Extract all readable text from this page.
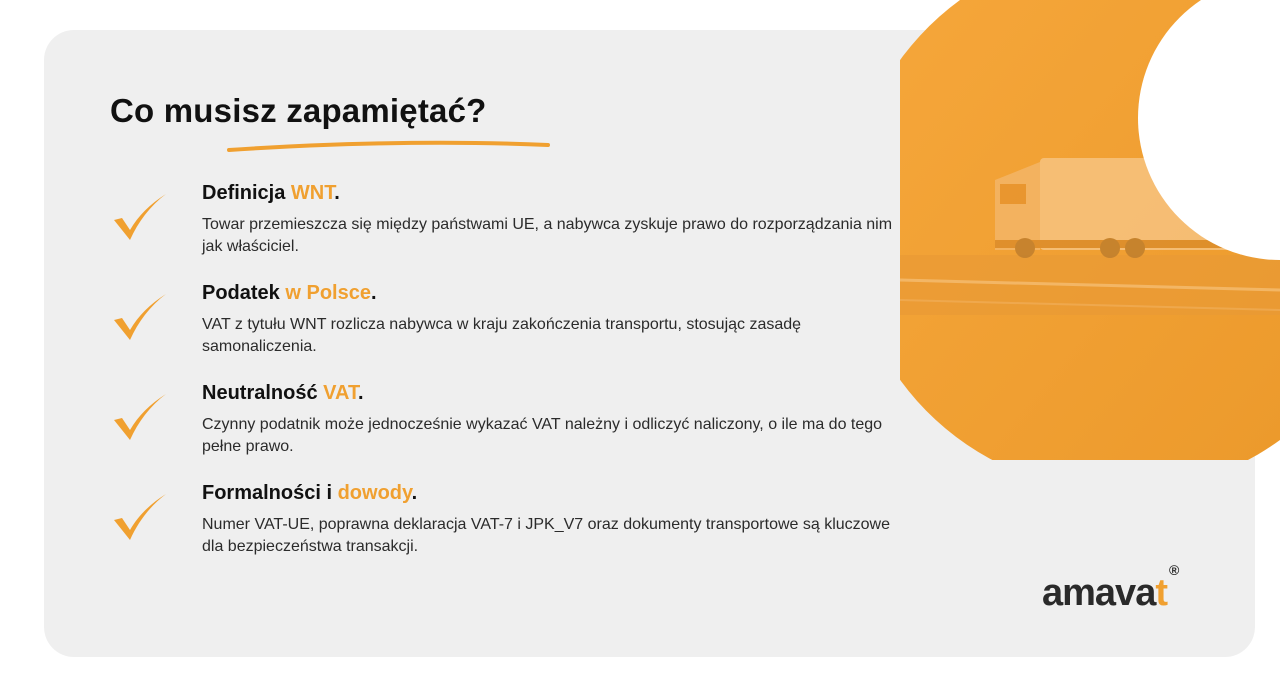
Co musisz zapamiętać?
Definicja WNT.

Towar przemieszcza się między państwami UE, a nabywca zyskuje prawo do rozporządzania nim jak właściciel.

Podatek w Polsce.

VAT z tytułu WNT rozlicza nabywca w kraju zakończenia transportu, stosując zasadę samonaliczenia.

Neutralność VAT.

Czynny podatnik może jednocześnie wykazać VAT należny i odliczyć naliczony, o ile ma do tego pełne prawo.

Formalności i dowody.

Numer VAT-UE, poprawna deklaracja VAT-7 i JPK_V7 oraz dokumenty transportowe są kluczowe dla bezpieczeństwa transakcji.

amavat®
